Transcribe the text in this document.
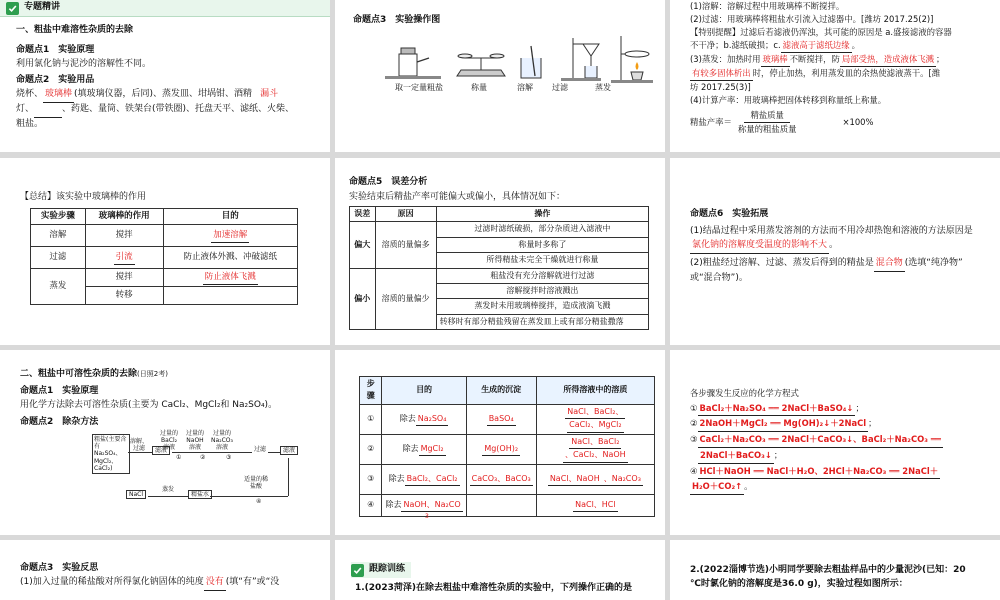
专题精讲
一、粗盐中难溶性杂质的去除
命题点1　实验原理
利用氯化钠与泥沙的溶解性不同。
命题点2　实验用品
烧杯、 玻璃棒 (填玻璃仪器，后同)、蒸发皿、坩埚钳、酒精 漏斗
灯、	、药匙、量筒、铁架台(带铁圈)、托盘天平、滤纸、火柴、
粗盐。
命题点3　实验操作图
取一定量粗盐	称量	溶解 过滤	蒸发
(1)溶解：溶解过程中用玻璃棒不断搅拌。
(2)过滤：用玻璃棒将粗盐水引流入过滤器中。[潍坊 2017.25(2)]
【特别提醒】过滤后若滤液仍浑浊，其可能的原因是 a.盛接滤液的容器
不干净；b.滤纸破损；c. 滤液高于滤纸边缘 。
(3)蒸发：加热时用 玻璃棒 不断搅拌，防 局部受热，造成液体飞溅 ；
有较多固体析出 时，停止加热，利用蒸发皿的余热使滤液蒸干。[潍
坊 2017.25(3)]
(4)计算产率：用玻璃棒把固体转移到称量纸上称量。
精盐产率＝
精盐质量
称量的粗盐质量
×100%
【总结】该实验中玻璃棒的作用
实验步骤	玻璃棒的作用	目的
溶解	搅拌	加速溶解
过滤	引流	防止液体外溅、冲破滤纸
蒸发	搅拌	防止液体飞溅
	转移	
命题点5　误差分析
实验结束后精盐产率可能偏大或偏小，具体情况如下：
误差	原因	操作
偏大	溶质的量偏多	过滤时滤纸破损，部分杂质进入滤液中
		称量时多称了
		所得精盐未完全干燥就进行称量
偏小	溶质的量偏少	粗盐没有充分溶解就进行过滤
		溶解搅拌时溶液溅出
		蒸发时未用玻璃棒搅拌，造成液滴飞溅
		转移时有部分精盐残留在蒸发皿上或有部分精盐撒落
命题点6　实验拓展
(1)结晶过程中采用蒸发溶剂的方法而不用冷却热饱和溶液的方法原因是
氯化钠的溶解度受温度的影响不大 。
(2)粗盐经过溶解、过滤、蒸发后得到的精盐是 混合物 (选填“纯净物”
或“混合物”)。
二、粗盐中可溶性杂质的去除(日照2考)
命题点1　实验原理
用化学方法除去可溶性杂质(主要为 CaCl₂、MgCl₂和 Na₂SO₄)。
命题点2　除杂方法
粗盐(主要含有
Na₂SO₄、
MgCl₂、
CaCl₂)
溶解、过滤	滤液
过量的BaCl₂溶液
过量的NaOH溶液
过量的Na₂CO₃溶液
①	②	③
过滤	滤液
适量的稀盐酸
④
精盐水
蒸发
NaCl
步骤	目的	生成的沉淀	所得溶液中的溶质
①	除去 Na₂SO₄	BaSO₄	NaCl、BaCl₂、CaCl₂、MgCl₂
②	除去 MgCl₂	Mg(OH)₂	NaCl、BaCl₂、CaCl₂、NaOH
③	除去 BaCl₂、CaCl₂	CaCO₃、BaCO₃	NaCl、NaOH 、Na₂CO₃
④	除去 NaOH、Na₂CO		NaCl、HCl
3
各步骤发生反应的化学方程式
① BaCl₂＋Na₂SO₄ ══ 2NaCl＋BaSO₄↓ ；
② 2NaOH＋MgCl₂ ══ Mg(OH)₂↓＋2NaCl ；
③ CaCl₂＋Na₂CO₃ ══ 2NaCl＋CaCO₃↓、BaCl₂＋Na₂CO₃ ══
2NaCl＋BaCO₃↓ ；
④ HCl＋NaOH ══ NaCl＋H₂O、2HCl＋Na₂CO₃ ══ 2NaCl＋
H₂O＋CO₂↑ 。
命题点3　实验反思
(1)加入过量的稀盐酸对所得氯化钠固体的纯度 没有 (填“有”或“没
跟踪训练
1.(2023菏泽)在除去粗盐中难溶性杂质的实验中，下列操作正确的是
2.(2022淄博节选)小明同学要除去粗盐样品中的少量泥沙(已知：20
℃时氯化钠的溶解度是36.0 g)，实验过程如图所示：
